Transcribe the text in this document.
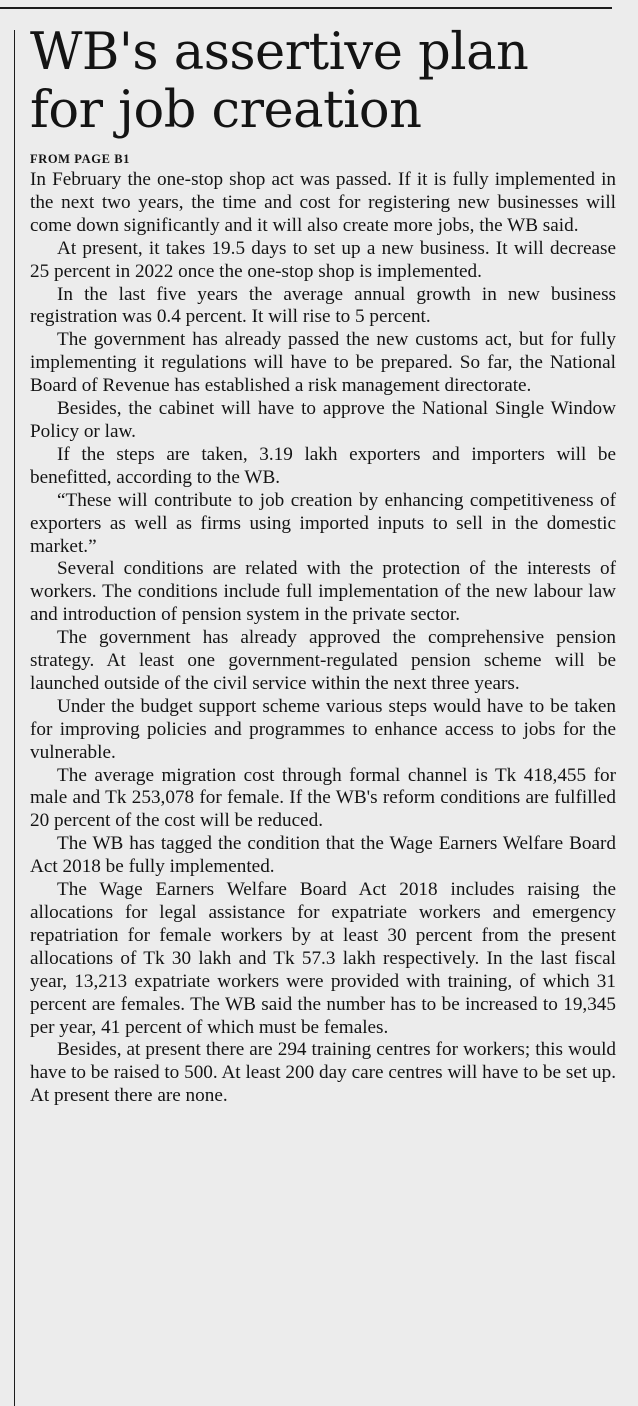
WB's assertive plan
for job creation
FROM PAGE B1

In February the one-stop shop act was passed. If it is fully implemented in the next two years, the time and cost for registering new businesses will come down significantly and it will also create more jobs, the WB said.

At present, it takes 19.5 days to set up a new business. It will decrease 25 percent in 2022 once the one-stop shop is implemented.

In the last five years the average annual growth in new business registration was 0.4 percent. It will rise to 5 percent.

The government has already passed the new customs act, but for fully implementing it regulations will have to be prepared. So far, the National Board of Revenue has established a risk management directorate.

Besides, the cabinet will have to approve the National Single Window Policy or law.

If the steps are taken, 3.19 lakh exporters and importers will be benefitted, according to the WB.

“These will contribute to job creation by enhancing competitiveness of exporters as well as firms using imported inputs to sell in the domestic market.”

Several conditions are related with the protection of the interests of workers. The conditions include full implementation of the new labour law and introduction of pension system in the private sector.

The government has already approved the comprehensive pension strategy. At least one government-regulated pension scheme will be launched outside of the civil service within the next three years.

Under the budget support scheme various steps would have to be taken for improving policies and programmes to enhance access to jobs for the vulnerable.

The average migration cost through formal channel is Tk 418,455 for male and Tk 253,078 for female. If the WB's reform conditions are fulfilled 20 percent of the cost will be reduced.

The WB has tagged the condition that the Wage Earners Welfare Board Act 2018 be fully implemented.

The Wage Earners Welfare Board Act 2018 includes raising the allocations for legal assistance for expatriate workers and emergency repatriation for female workers by at least 30 percent from the present allocations of Tk 30 lakh and Tk 57.3 lakh respectively. In the last fiscal year, 13,213 expatriate workers were provided with training, of which 31 percent are females. The WB said the number has to be increased to 19,345 per year, 41 percent of which must be females.

Besides, at present there are 294 training centres for workers; this would have to be raised to 500. At least 200 day care centres will have to be set up. At present there are none.
